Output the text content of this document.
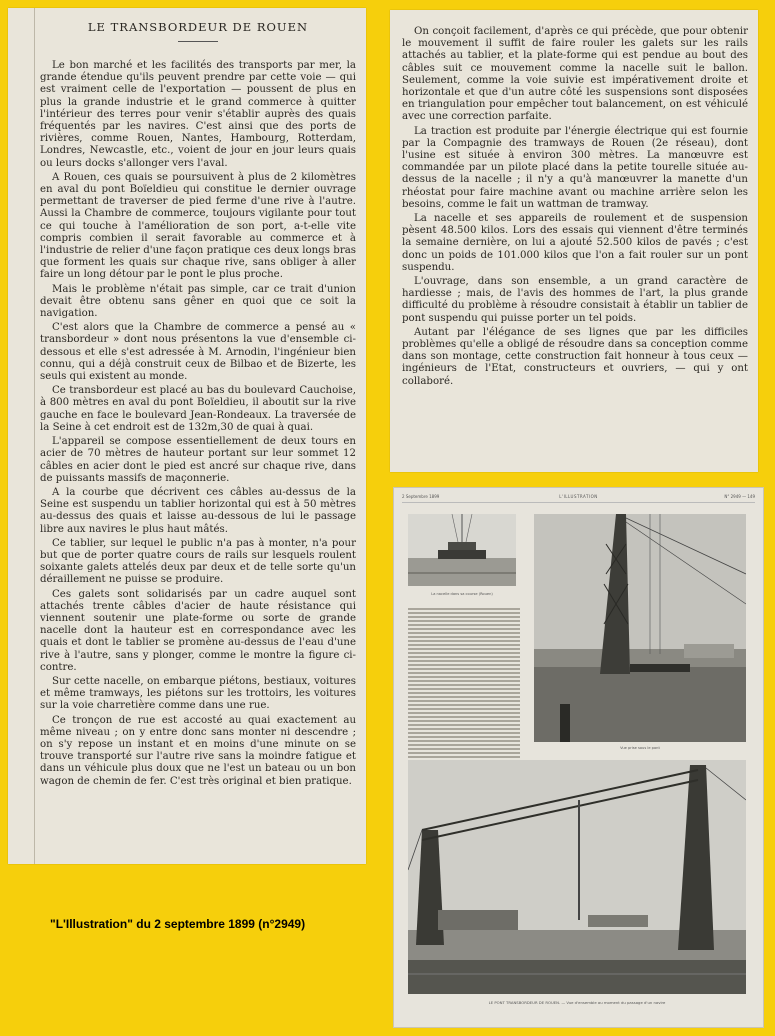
LE TRANSBORDEUR DE ROUEN

Le bon marché et les facilités des transports par mer, la grande étendue qu'ils peuvent prendre par cette voie — qui est vraiment celle de l'exportation — poussent de plus en plus la grande industrie et le grand commerce à quitter l'intérieur des terres pour venir s'établir auprès des quais fréquentés par les navires. C'est ainsi que des ports de rivières, comme Rouen, Nantes, Hambourg, Rotterdam, Londres, Newcastle, etc., voient de jour en jour leurs quais ou leurs docks s'allonger vers l'aval.

A Rouen, ces quais se poursuivent à plus de 2 kilomètres en aval du pont Boïeldieu qui constitue le dernier ouvrage permettant de traverser de pied ferme d'une rive à l'autre. Aussi la Chambre de commerce, toujours vigilante pour tout ce qui touche à l'amélioration de son port, a-t-elle vite compris combien il serait favorable au commerce et à l'industrie de relier d'une façon pratique ces deux longs bras que forment les quais sur chaque rive, sans obliger à aller faire un long détour par le pont le plus proche.

Mais le problème n'était pas simple, car ce trait d'union devait être obtenu sans gêner en quoi que ce soit la navigation.

C'est alors que la Chambre de commerce a pensé au « transbordeur » dont nous présentons la vue d'ensemble ci-dessous et elle s'est adressée à M. Arnodin, l'ingénieur bien connu, qui a déjà construit ceux de Bilbao et de Bizerte, les seuls qui existent au monde.

Ce transbordeur est placé au bas du boulevard Cauchoise, à 800 mètres en aval du pont Boïeldieu, il aboutit sur la rive gauche en face le boulevard Jean-Rondeaux. La traversée de la Seine à cet endroit est de 132m,30 de quai à quai.

L'appareil se compose essentiellement de deux tours en acier de 70 mètres de hauteur portant sur leur sommet 12 câbles en acier dont le pied est ancré sur chaque rive, dans de puissants massifs de maçonnerie.

A la courbe que décrivent ces câbles au-dessus de la Seine est suspendu un tablier horizontal qui est à 50 mètres au-dessus des quais et laisse au-dessous de lui le passage libre aux navires le plus haut mâtés.

Ce tablier, sur lequel le public n'a pas à monter, n'a pour but que de porter quatre cours de rails sur lesquels roulent soixante galets attelés deux par deux et de telle sorte qu'un déraillement ne puisse se produire.

Ces galets sont solidarisés par un cadre auquel sont attachés trente câbles d'acier de haute résistance qui viennent soutenir une plate-forme ou sorte de grande nacelle dont la hauteur est en correspondance avec les quais et dont le tablier se promène au-dessus de l'eau d'une rive à l'autre, sans y plonger, comme le montre la figure ci-contre.

Sur cette nacelle, on embarque piétons, bestiaux, voitures et même tramways, les piétons sur les trottoirs, les voitures sur la voie charretière comme dans une rue.

Ce tronçon de rue est accosté au quai exactement au même niveau ; on y entre donc sans monter ni descendre ; on s'y repose un instant et en moins d'une minute on se trouve transporté sur l'autre rive sans la moindre fatigue et dans un véhicule plus doux que ne l'est un bateau ou un bon wagon de chemin de fer. C'est très original et bien pratique.

On conçoit facilement, d'après ce qui précède, que pour obtenir le mouvement il suffit de faire rouler les galets sur les rails attachés au tablier, et la plate-forme qui est pendue au bout des câbles suit ce mouvement comme la nacelle suit le ballon. Seulement, comme la voie suivie est impérativement droite et horizontale et que d'un autre côté les suspensions sont disposées en triangulation pour empêcher tout balancement, on est véhiculé avec une correction parfaite.

La traction est produite par l'énergie électrique qui est fournie par la Compagnie des tramways de Rouen (2e réseau), dont l'usine est située à environ 300 mètres. La manœuvre est commandée par un pilote placé dans la petite tourelle située au-dessus de la nacelle ; il n'y a qu'à manœuvrer la manette d'un rhéostat pour faire machine avant ou machine arrière selon les besoins, comme le fait un wattman de tramway.

La nacelle et ses appareils de roulement et de suspension pèsent 48.500 kilos. Lors des essais qui viennent d'être terminés la semaine dernière, on lui a ajouté 52.500 kilos de pavés ; c'est donc un poids de 101.000 kilos que l'on a fait rouler sur un pont suspendu.

L'ouvrage, dans son ensemble, a un grand caractère de hardiesse ; mais, de l'avis des hommes de l'art, la plus grande difficulté du problème à résoudre consistait à établir un tablier de pont suspendu qui puisse porter un tel poids.

Autant par l'élégance de ses lignes que par les difficiles problèmes qu'elle a obligé de résoudre dans sa conception comme dans son montage, cette construction fait honneur à tous ceux — ingénieurs de l'Etat, constructeurs et ouvriers, — qui y ont collaboré.

"L'Illustration" du 2 septembre 1899 (n°2949)
2 Septembre 1899	L'ILLUSTRATION	N° 2949 — 149
La nacelle dans sa course (Rouen)
Vue prise sous le pont
LE PONT TRANSBORDEUR DE ROUEN. — Vue d'ensemble au moment du passage d'un navire
